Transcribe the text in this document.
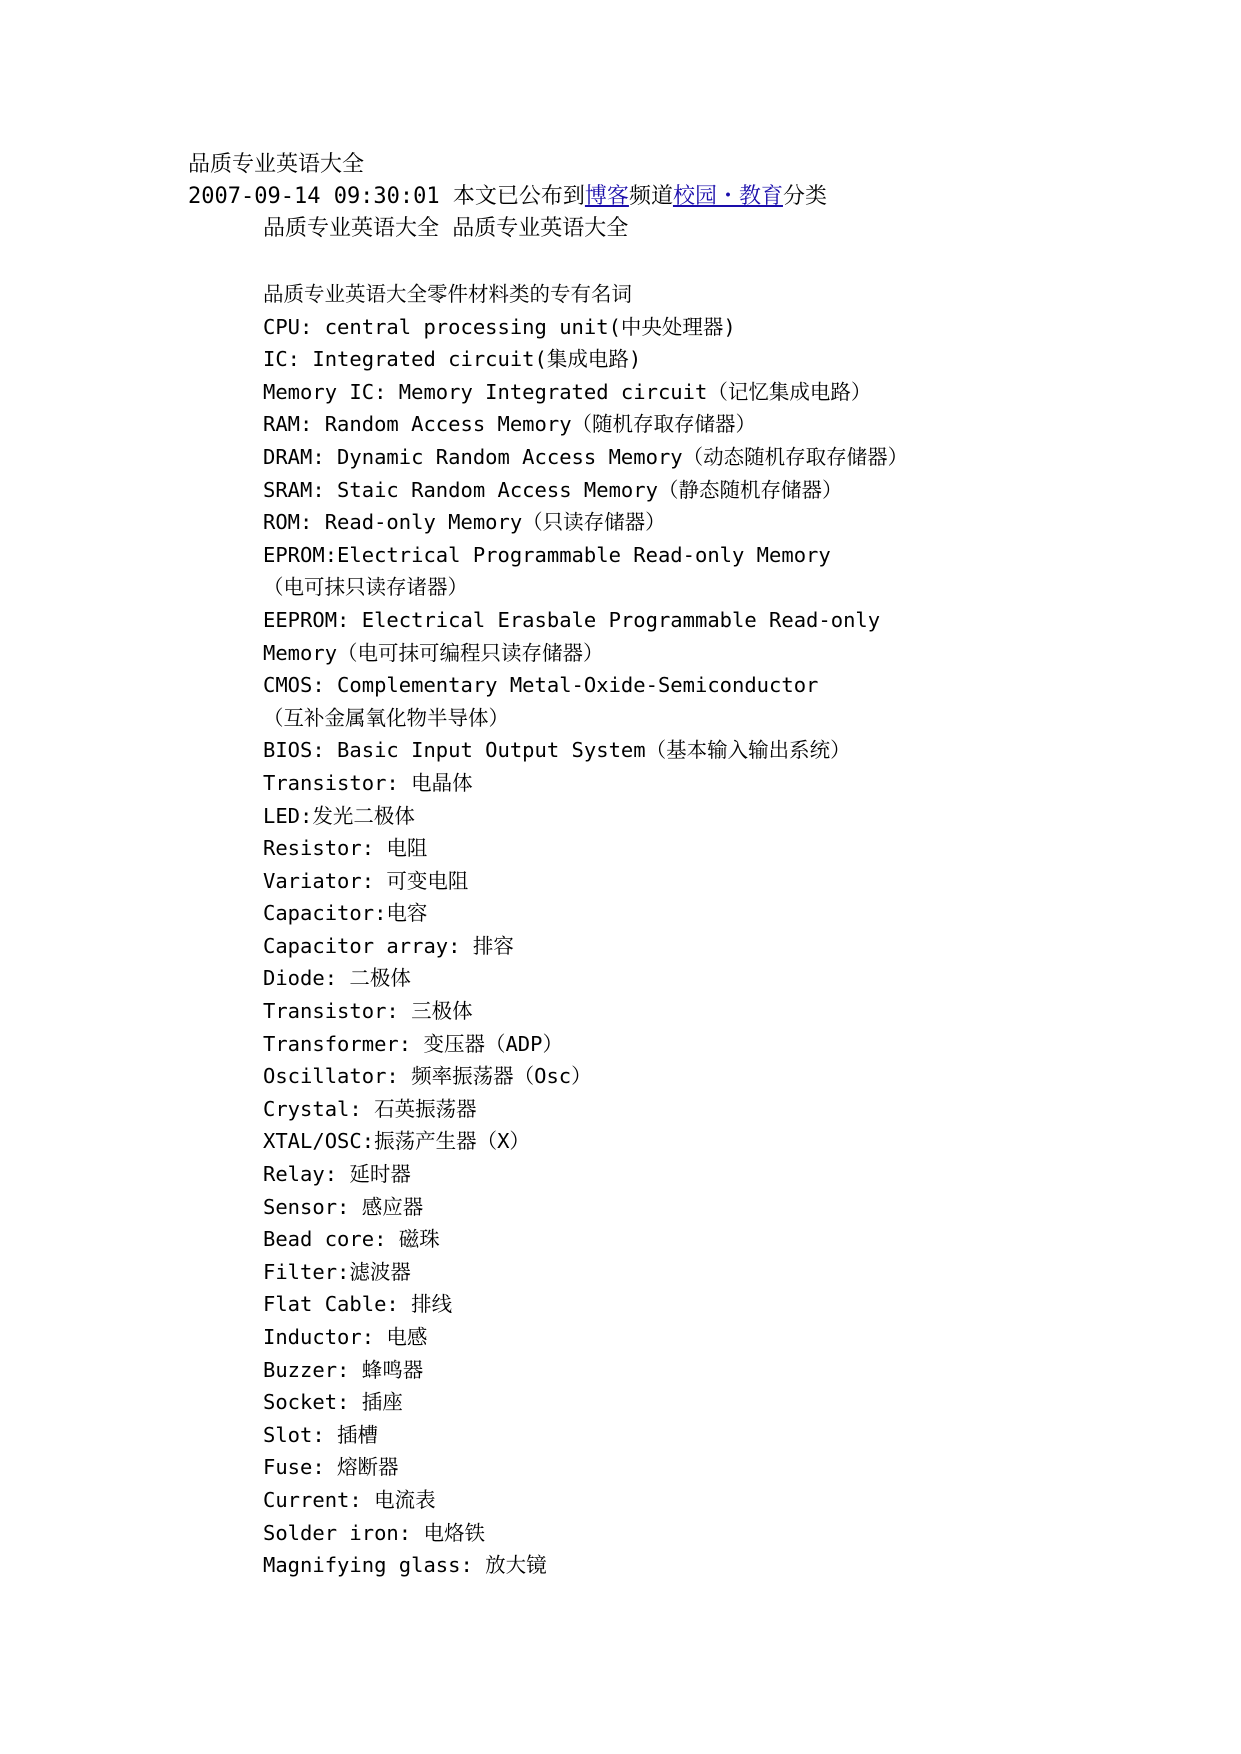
品质专业英语大全
2007-09-14 09:30:01 本文已公布到博客频道校园・教育分类
品质专业英语大全 品质专业英语大全
品质专业英语大全零件材料类的专有名词
CPU: central processing unit(中央处理器)
IC: Integrated circuit(集成电路)
Memory IC: Memory Integrated circuit（记忆集成电路）
RAM: Random Access Memory（随机存取存储器）
DRAM: Dynamic Random Access Memory（动态随机存取存储器）
SRAM: Staic Random Access Memory（静态随机存储器）
ROM: Read-only Memory（只读存储器）
EPROM:Electrical Programmable Read-only Memory
（电可抹只读存诸器）
EEPROM: Electrical Erasbale Programmable Read-only
Memory（电可抹可编程只读存储器）
CMOS: Complementary Metal-Oxide-Semiconductor
（互补金属氧化物半导体）
BIOS: Basic Input Output System（基本输入输出系统）
Transistor: 电晶体
LED:发光二极体
Resistor: 电阻
Variator: 可变电阻
Capacitor:电容
Capacitor array: 排容
Diode: 二极体
Transistor: 三极体
Transformer: 变压器（ADP）
Oscillator: 频率振荡器（Osc）
Crystal: 石英振荡器
XTAL/OSC:振荡产生器（X）
Relay: 延时器
Sensor: 感应器
Bead core: 磁珠
Filter:滤波器
Flat Cable: 排线
Inductor: 电感
Buzzer: 蜂鸣器
Socket: 插座
Slot: 插槽
Fuse: 熔断器
Current: 电流表
Solder iron: 电烙铁
Magnifying glass: 放大镜
